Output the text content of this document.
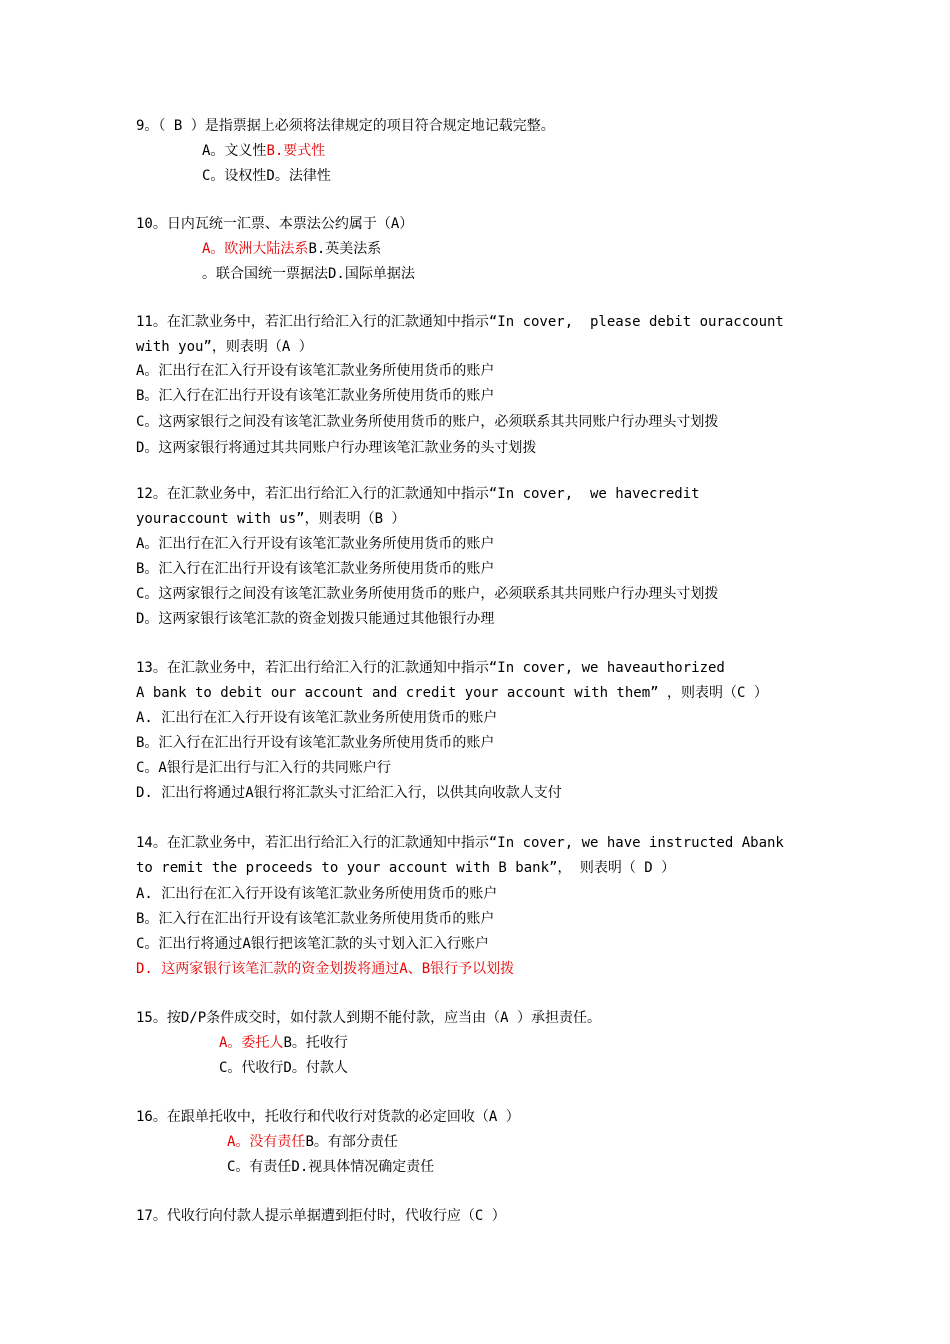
9。（ B ）是指票据上必须将法律规定的项目符合规定地记载完整。
A。文义性B.要式性
C。设权性D。法律性
10。日内瓦统一汇票、本票法公约属于（A）
A。欧洲大陆法系B.英美法系
。联合国统一票据法D.国际单据法
11。在汇款业务中，若汇出行给汇入行的汇款通知中指示“In cover,  please debit ouraccount
with you”，则表明（A ）
A。汇出行在汇入行开设有该笔汇款业务所使用货币的账户
B。汇入行在汇出行开设有该笔汇款业务所使用货币的账户
C。这两家银行之间没有该笔汇款业务所使用货币的账户，必须联系其共同账户行办理头寸划拨
D。这两家银行将通过其共同账户行办理该笔汇款业务的头寸划拨
12。在汇款业务中，若汇出行给汇入行的汇款通知中指示“In cover,  we havecredit
youraccount with us”，则表明（B ）
A。汇出行在汇入行开设有该笔汇款业务所使用货币的账户
B。汇入行在汇出行开设有该笔汇款业务所使用货币的账户
C。这两家银行之间没有该笔汇款业务所使用货币的账户，必须联系其共同账户行办理头寸划拨
D。这两家银行该笔汇款的资金划拨只能通过其他银行办理
13。在汇款业务中，若汇出行给汇入行的汇款通知中指示“In cover, we haveauthorized
A bank to debit our account and credit your account with them” ，则表明（C ）
A. 汇出行在汇入行开设有该笔汇款业务所使用货币的账户
B。汇入行在汇出行开设有该笔汇款业务所使用货币的账户
C。A银行是汇出行与汇入行的共同账户行
D. 汇出行将通过A银行将汇款头寸汇给汇入行，以供其向收款人支付
14。在汇款业务中，若汇出行给汇入行的汇款通知中指示“In cover, we have instructed Abank
to remit the proceeds to your account with B bank”， 则表明（ D ）
A. 汇出行在汇入行开设有该笔汇款业务所使用货币的账户
B。汇入行在汇出行开设有该笔汇款业务所使用货币的账户
C。汇出行将通过A银行把该笔汇款的头寸划入汇入行账户
D. 这两家银行该笔汇款的资金划拨将通过A、B银行予以划拨
15。按D/P条件成交时，如付款人到期不能付款，应当由（A ）承担责任。
A。委托人B。托收行
C。代收行D。付款人
16。在跟单托收中，托收行和代收行对货款的必定回收（A ）
A。没有责任B。有部分责任
C。有责任D.视具体情况确定责任
17。代收行向付款人提示单据遭到拒付时，代收行应（C ）
